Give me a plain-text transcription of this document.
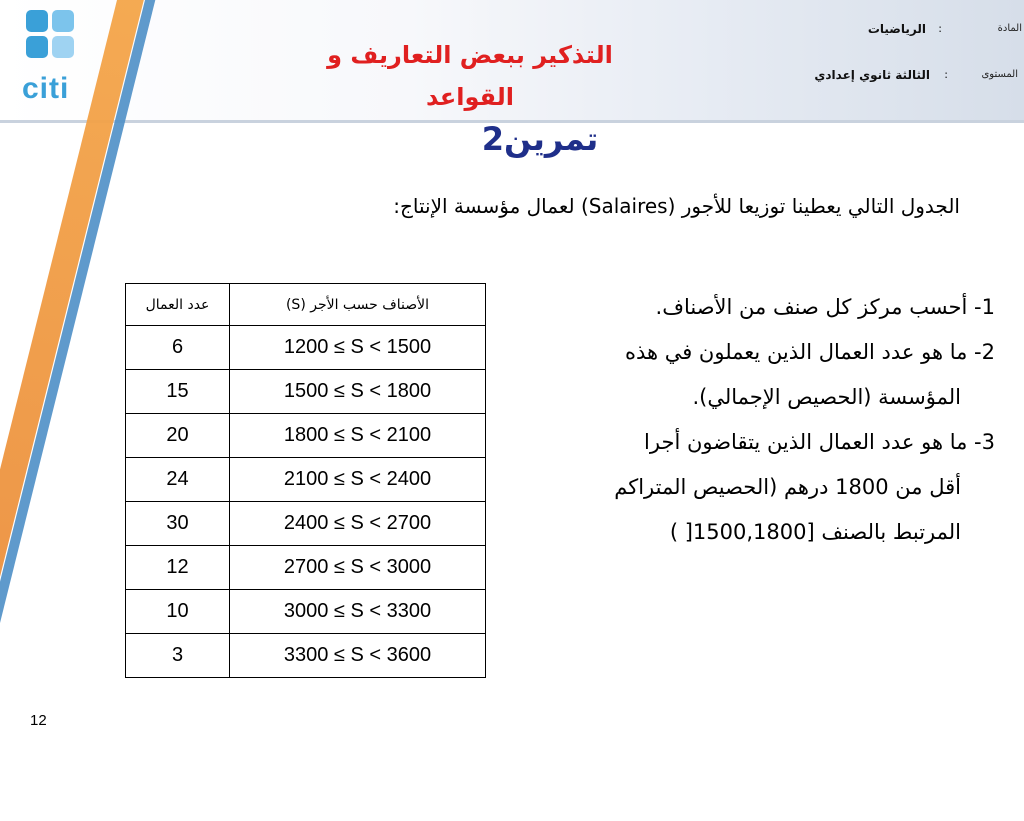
citi
التذكير ببعض التعاريف و القواعد
المادة
:
الرياضيات
المستوى
:
الثالثة ثانوي إعدادي
تمرين2
الجدول التالي يعطينا توزيعا للأجور (Salaires) لعمال مؤسسة الإنتاج:
عدد العمال	الأصناف حسب الأجر (S)
6	1200 ≤ S < 1500
15	1500 ≤ S < 1800
20	1800 ≤ S < 2100
24	2100 ≤ S < 2400
30	2400 ≤ S < 2700
12	2700 ≤ S < 3000
10	3000 ≤ S < 3300
3	3300 ≤ S < 3600

1- أحسب مركز كل صنف من الأصناف.

2- ما هو عدد العمال الذين يعملون في هذه
المؤسسة (الحصيص الإجمالي).

3- ما هو عدد العمال الذين يتقاضون أجرا
أقل من 1800 درهم (الحصيص المتراكم
المرتبط بالصنف [1500,1800[ )

12
